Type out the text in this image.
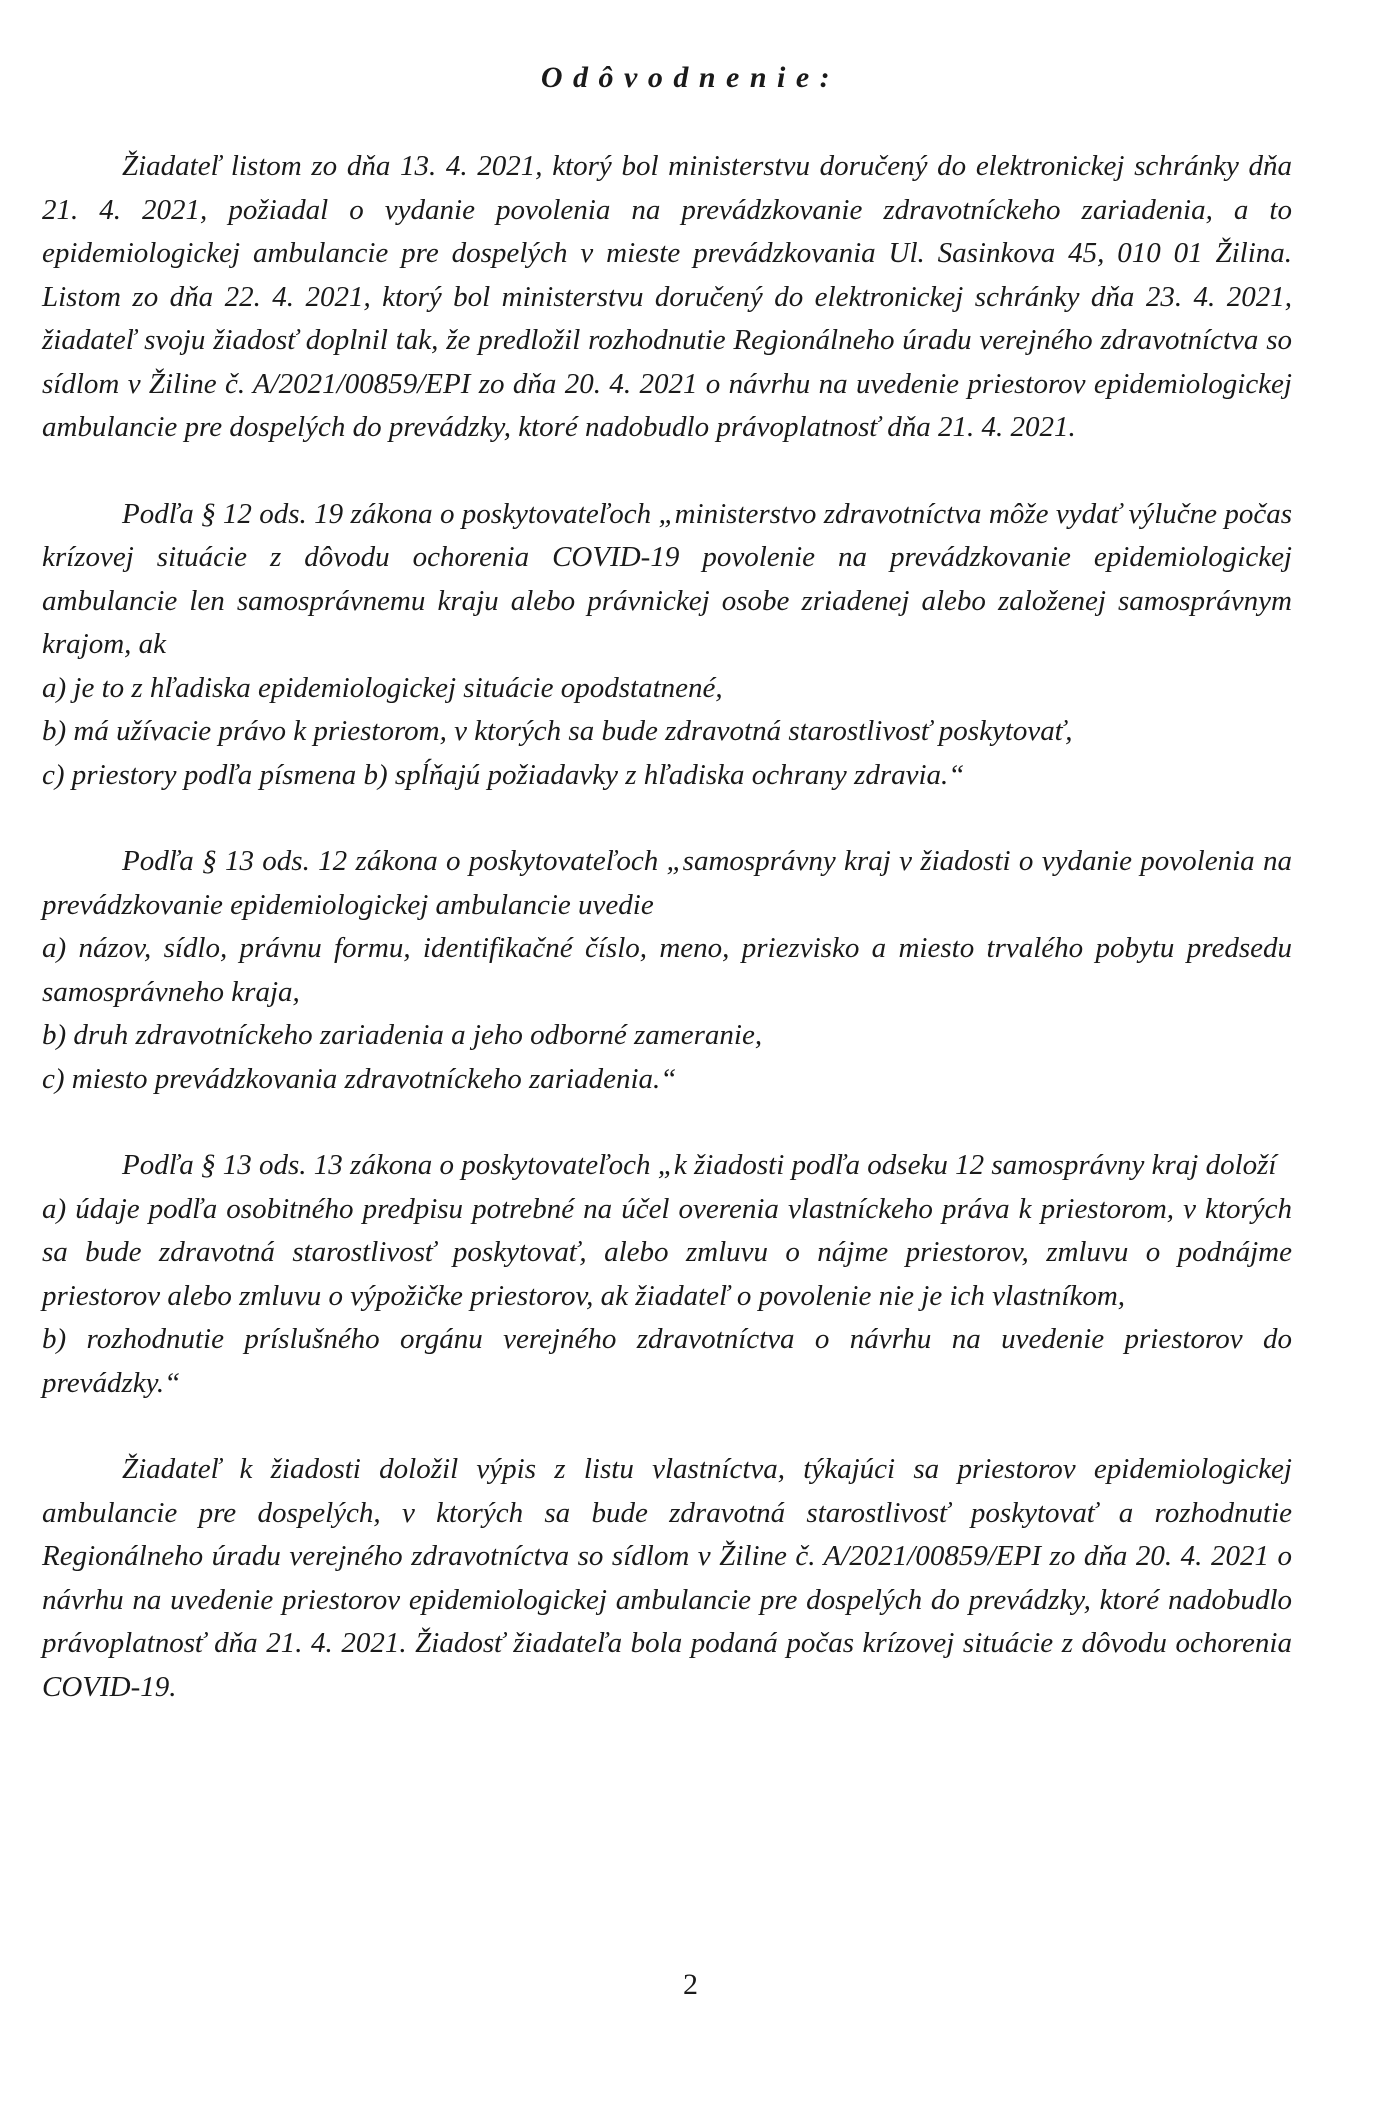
Odôvodnenie:

Žiadateľ listom zo dňa 13. 4. 2021, ktorý bol ministerstvu doručený do elektronickej schránky dňa 21. 4. 2021, požiadal o vydanie povolenia na prevádzkovanie zdravotníckeho zariadenia, a to epidemiologickej ambulancie pre dospelých v mieste prevádzkovania Ul. Sasinkova 45, 010 01 Žilina. Listom zo dňa 22. 4. 2021, ktorý bol ministerstvu doručený do elektronickej schránky dňa 23. 4. 2021, žiadateľ svoju žiadosť doplnil tak, že predložil rozhodnutie Regionálneho úradu verejného zdravotníctva so sídlom v Žiline č. A/2021/00859/EPI zo dňa 20. 4. 2021 o návrhu na uvedenie priestorov epidemiologickej ambulancie pre dospelých do prevádzky, ktoré nadobudlo právoplatnosť dňa 21. 4. 2021.

Podľa § 12 ods. 19 zákona o poskytovateľoch „ministerstvo zdravotníctva môže vydať výlučne počas krízovej situácie z dôvodu ochorenia COVID-19 povolenie na prevádzkovanie epidemiologickej ambulancie len samosprávnemu kraju alebo právnickej osobe zriadenej alebo založenej samosprávnym krajom, ak

a) je to z hľadiska epidemiologickej situácie opodstatnené,

b) má užívacie právo k priestorom, v ktorých sa bude zdravotná starostlivosť poskytovať,

c) priestory podľa písmena b) spĺňajú požiadavky z hľadiska ochrany zdravia.“

Podľa § 13 ods. 12 zákona o poskytovateľoch „samosprávny kraj v žiadosti o vydanie povolenia na prevádzkovanie epidemiologickej ambulancie uvedie

a) názov, sídlo, právnu formu, identifikačné číslo, meno, priezvisko a miesto trvalého pobytu predsedu samosprávneho kraja,

b) druh zdravotníckeho zariadenia a jeho odborné zameranie,

c) miesto prevádzkovania zdravotníckeho zariadenia.“

Podľa § 13 ods. 13 zákona o poskytovateľoch „k žiadosti podľa odseku 12 samosprávny kraj doloží

a) údaje podľa osobitného predpisu potrebné na účel overenia vlastníckeho práva k priestorom, v ktorých sa bude zdravotná starostlivosť poskytovať, alebo zmluvu o nájme priestorov, zmluvu o podnájme priestorov alebo zmluvu o výpožičke priestorov, ak žiadateľ o povolenie nie je ich vlastníkom,

b) rozhodnutie príslušného orgánu verejného zdravotníctva o návrhu na uvedenie priestorov do prevádzky.“

Žiadateľ k žiadosti doložil výpis z listu vlastníctva, týkajúci sa priestorov epidemiologickej ambulancie pre dospelých, v ktorých sa bude zdravotná starostlivosť poskytovať a rozhodnutie Regionálneho úradu verejného zdravotníctva so sídlom v Žiline č. A/2021/00859/EPI zo dňa 20. 4. 2021 o návrhu na uvedenie priestorov epidemiologickej ambulancie pre dospelých do prevádzky, ktoré nadobudlo právoplatnosť dňa 21. 4. 2021. Žiadosť žiadateľa bola podaná počas krízovej situácie z dôvodu ochorenia COVID-19.

2
